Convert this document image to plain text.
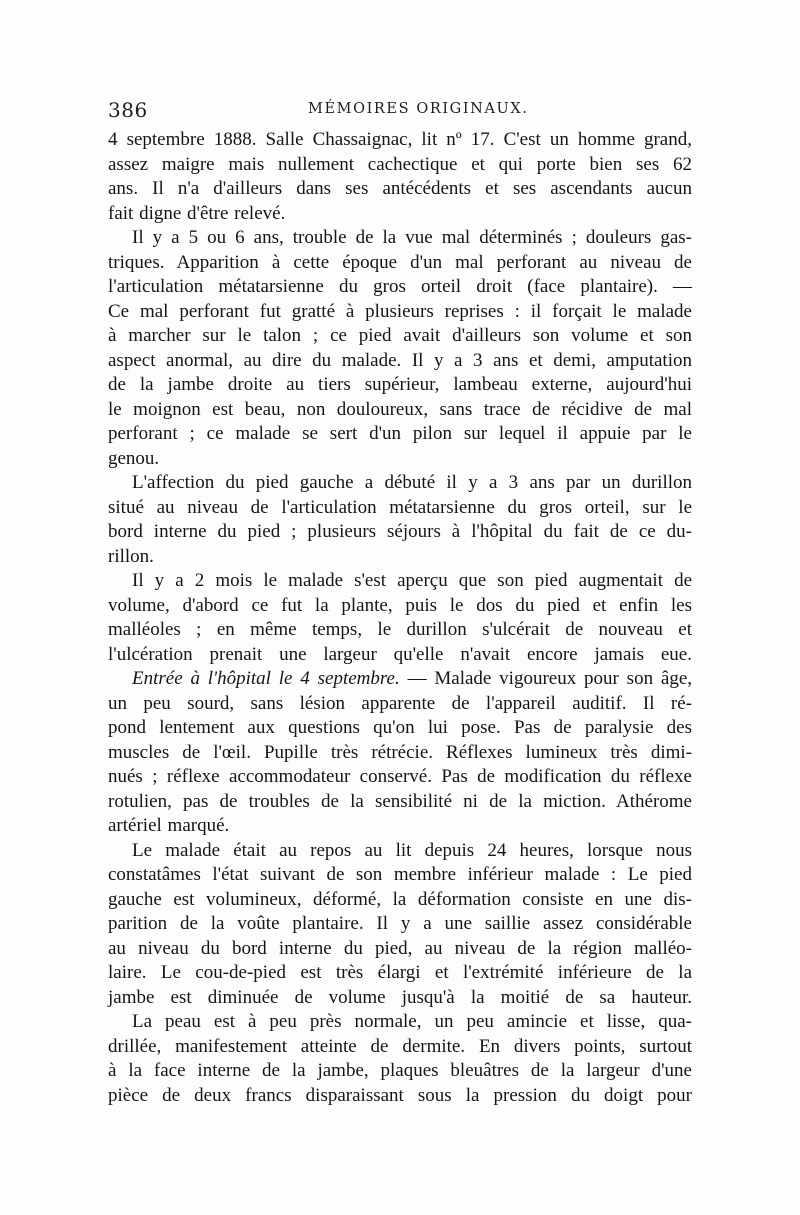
386	MÉMOIRES ORIGINAUX.
4 septembre 1888. Salle Chassaignac, lit nº 17. C'est un homme grand,
assez maigre mais nullement cachectique et qui porte bien ses 62
ans. Il n'a d'ailleurs dans ses antécédents et ses ascendants aucun
fait digne d'être relevé.
Il y a 5 ou 6 ans, trouble de la vue mal déterminés ; douleurs gas-
triques. Apparition à cette époque d'un mal perforant au niveau de
l'articulation métatarsienne du gros orteil droit (face plantaire). —
Ce mal perforant fut gratté à plusieurs reprises : il forçait le malade
à marcher sur le talon ; ce pied avait d'ailleurs son volume et son
aspect anormal, au dire du malade. Il y a 3 ans et demi, amputation
de la jambe droite au tiers supérieur, lambeau externe, aujourd'hui
le moignon est beau, non douloureux, sans trace de récidive de mal
perforant ; ce malade se sert d'un pilon sur lequel il appuie par le
genou.
L'affection du pied gauche a débuté il y a 3 ans par un durillon
situé au niveau de l'articulation métatarsienne du gros orteil, sur le
bord interne du pied ; plusieurs séjours à l'hôpital du fait de ce du-
rillon.
Il y a 2 mois le malade s'est aperçu que son pied augmentait de
volume, d'abord ce fut la plante, puis le dos du pied et enfin les
malléoles ; en même temps, le durillon s'ulcérait de nouveau et
l'ulcération prenait une largeur qu'elle n'avait encore jamais eue.
Entrée à l'hôpital le 4 septembre. — Malade vigoureux pour son âge,
un peu sourd, sans lésion apparente de l'appareil auditif. Il ré-
pond lentement aux questions qu'on lui pose. Pas de paralysie des
muscles de l'œil. Pupille très rétrécie. Réflexes lumineux très dimi-
nués ; réflexe accommodateur conservé. Pas de modification du réflexe
rotulien, pas de troubles de la sensibilité ni de la miction. Athérome
artériel marqué.
Le malade était au repos au lit depuis 24 heures, lorsque nous
constatâmes l'état suivant de son membre inférieur malade : Le pied
gauche est volumineux, déformé, la déformation consiste en une dis-
parition de la voûte plantaire. Il y a une saillie assez considérable
au niveau du bord interne du pied, au niveau de la région malléo-
laire. Le cou-de-pied est très élargi et l'extrémité inférieure de la
jambe est diminuée de volume jusqu'à la moitié de sa hauteur.
La peau est à peu près normale, un peu amincie et lisse, qua-
drillée, manifestement atteinte de dermite. En divers points, surtout
à la face interne de la jambe, plaques bleuâtres de la largeur d'une
pièce de deux francs disparaissant sous la pression du doigt pour
